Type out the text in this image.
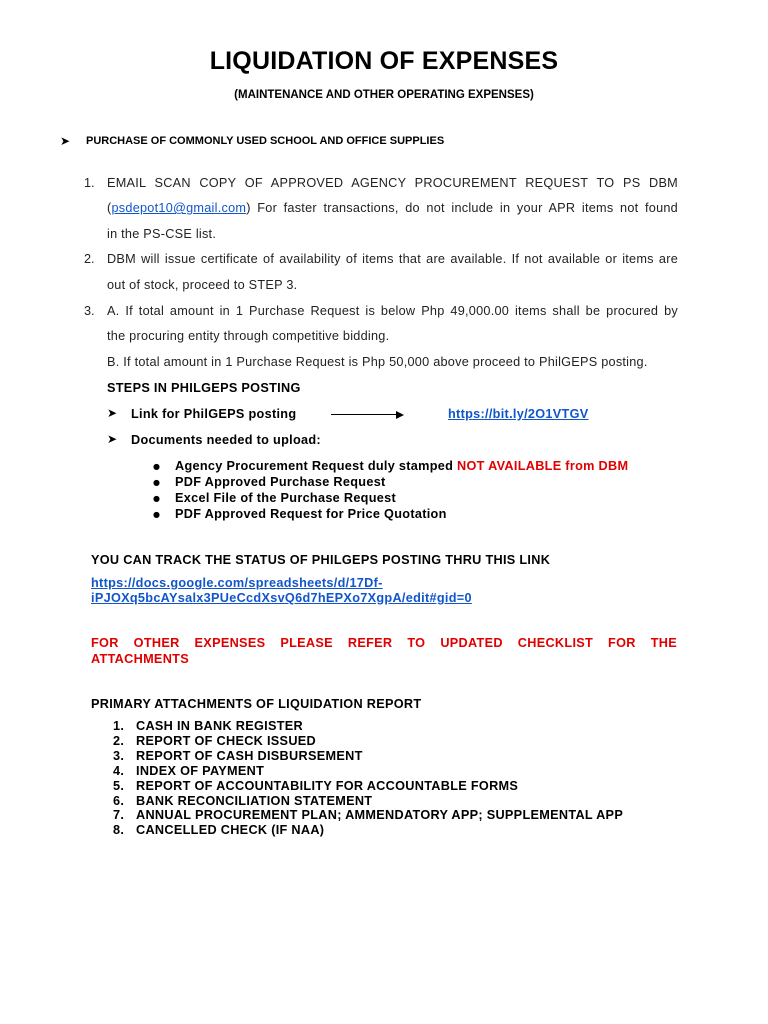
LIQUIDATION OF EXPENSES
(MAINTENANCE AND OTHER OPERATING EXPENSES)
➤ PURCHASE OF COMMONLY USED SCHOOL AND OFFICE SUPPLIES
1. EMAIL SCAN COPY OF APPROVED AGENCY PROCUREMENT REQUEST TO PS DBM
(psdepot10@gmail.com) For faster transactions, do not include in your APR items not found
in the PS-CSE list.
2. DBM will issue certificate of availability of items that are available. If not available or items are
out of stock, proceed to STEP 3.
3. A. If total amount in 1 Purchase Request is below Php 49,000.00 items shall be procured by
the procuring entity through competitive bidding.
B. If total amount in 1 Purchase Request is Php 50,000 above proceed to PhilGEPS posting.
STEPS IN PHILGEPS POSTING
➤ Link for PhilGEPS posting	https://bit.ly/2O1VTGV
➤ Documents needed to upload:
● Agency Procurement Request duly stamped NOT AVAILABLE from DBM
● PDF Approved Purchase Request
● Excel File of the Purchase Request
● PDF Approved Request for Price Quotation
YOU CAN TRACK THE STATUS OF PHILGEPS POSTING THRU THIS LINK
https://docs.google.com/spreadsheets/d/17Df-
iPJOXq5bcAYsalx3PUeCcdXsvQ6d7hEPXo7XgpA/edit#gid=0
FOR OTHER EXPENSES PLEASE REFER TO UPDATED CHECKLIST FOR THE
ATTACHMENTS
PRIMARY ATTACHMENTS OF LIQUIDATION REPORT
1. CASH IN BANK REGISTER
2. REPORT OF CHECK ISSUED
3. REPORT OF CASH DISBURSEMENT
4. INDEX OF PAYMENT
5. REPORT OF ACCOUNTABILITY FOR ACCOUNTABLE FORMS
6. BANK RECONCILIATION STATEMENT
7. ANNUAL PROCUREMENT PLAN; AMMENDATORY APP; SUPPLEMENTAL APP
8. CANCELLED CHECK (IF NAA)
